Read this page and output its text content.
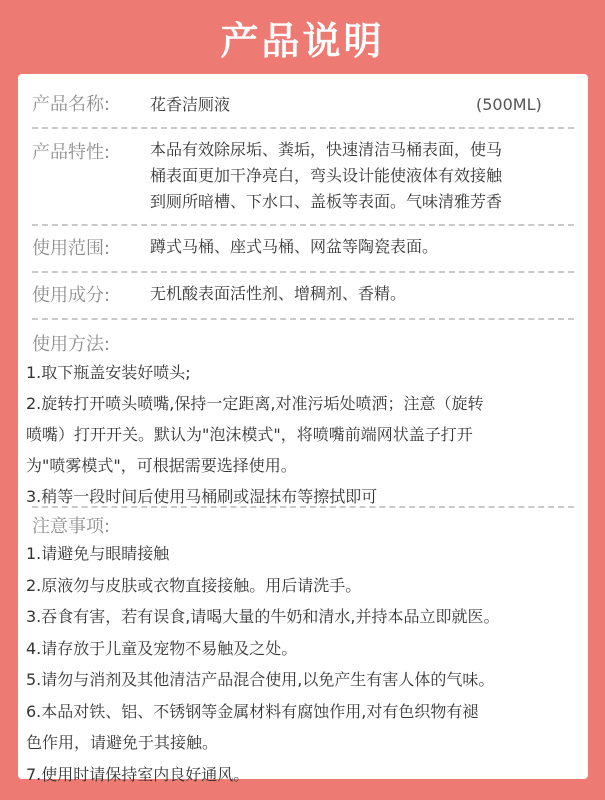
产品说明
产品名称: 花香洁厕液	(500ML)
产品特性: 本品有效除尿垢、粪垢，快速清洁马桶表面，使马
桶表面更加干净亮白，弯头设计能使液体有效接触
到厕所暗槽、下水口、盖板等表面。气味清雅芳香
使用范围: 蹲式马桶、座式马桶、网盆等陶瓷表面。
使用成分: 无机酸表面活性剂、增稠剂、香精。
使用方法:
1.取下瓶盖安装好喷头;
2.旋转打开喷头喷嘴,保持一定距离,对准污垢处喷洒；注意（旋转
喷嘴）打开开关。默认为"泡沫模式"，将喷嘴前端网状盖子打开
为"喷雾模式"，可根据需要选择使用。
3.稍等一段时间后使用马桶刷或湿抹布等擦拭即可
注意事项:
1.请避免与眼睛接触
2.原液勿与皮肤或衣物直接接触。用后请洗手。
3.吞食有害，若有误食,请喝大量的牛奶和清水,并持本品立即就医。
4.请存放于儿童及宠物不易触及之处。
5.请勿与消剂及其他清洁产品混合使用,以免产生有害人体的气味。
6.本品对铁、铝、不锈钢等金属材料有腐蚀作用,对有色织物有褪
色作用，请避免于其接触。
7.使用时请保持室内良好通风。
